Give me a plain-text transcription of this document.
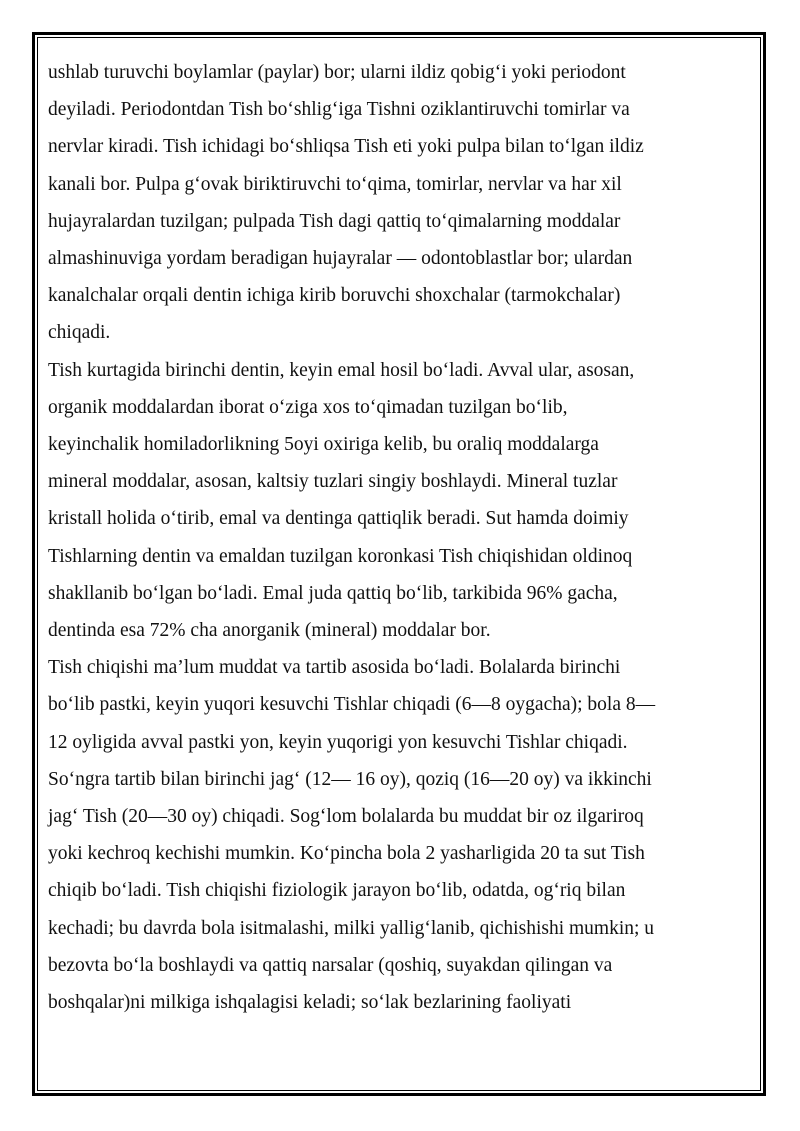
ushlab turuvchi boylamlar (paylar) bor; ularni ildiz qobig‘i yoki periodont
deyiladi. Periodontdan Tish bo‘shlig‘iga Tishni oziklantiruvchi tomirlar va
nervlar kiradi. Tish ichidagi bo‘shliqsa Tish eti yoki pulpa bilan to‘lgan ildiz
kanali bor. Pulpa g‘ovak biriktiruvchi to‘qima, tomirlar, nervlar va har xil
hujayralardan tuzilgan; pulpada Tish dagi qattiq to‘qimalarning moddalar
almashinuviga yordam beradigan hujayralar — odontoblastlar bor; ulardan
kanalchalar orqali dentin ichiga kirib boruvchi shoxchalar (tarmokchalar)
chiqadi.

Tish kurtagida birinchi dentin, keyin emal hosil bo‘ladi. Avval ular, asosan,
organik moddalardan iborat o‘ziga xos to‘qimadan tuzilgan bo‘lib,
keyinchalik homiladorlikning 5oyi oxiriga kelib, bu oraliq moddalarga
mineral moddalar, asosan, kaltsiy tuzlari singiy boshlaydi. Mineral tuzlar
kristall holida o‘tirib, emal va dentinga qattiqlik beradi. Sut hamda doimiy
Tishlarning dentin va emaldan tuzilgan koronkasi Tish chiqishidan oldinoq
shakllanib bo‘lgan bo‘ladi. Emal juda qattiq bo‘lib, tarkibida 96% gacha,
dentinda esa 72% cha anorganik (mineral) moddalar bor.

Tish chiqishi ma’lum muddat va tartib asosida bo‘ladi. Bolalarda birinchi
bo‘lib pastki, keyin yuqori kesuvchi Tishlar chiqadi (6—8 oygacha); bola 8—
12 oyligida avval pastki yon, keyin yuqorigi yon kesuvchi Tishlar chiqadi.
So‘ngra tartib bilan birinchi jag‘ (12— 16 oy), qoziq (16—20 oy) va ikkinchi
jag‘ Tish (20—30 oy) chiqadi. Sog‘lom bolalarda bu muddat bir oz ilgariroq
yoki kechroq kechishi mumkin. Ko‘pincha bola 2 yasharligida 20 ta sut Tish
chiqib bo‘ladi. Tish chiqishi fiziologik jarayon bo‘lib, odatda, og‘riq bilan
kechadi; bu davrda bola isitmalashi, milki yallig‘lanib, qichishishi mumkin; u
bezovta bo‘la boshlaydi va qattiq narsalar (qoshiq, suyakdan qilingan va
boshqalar)ni milkiga ishqalagisi keladi; so‘lak bezlarining faoliyati
